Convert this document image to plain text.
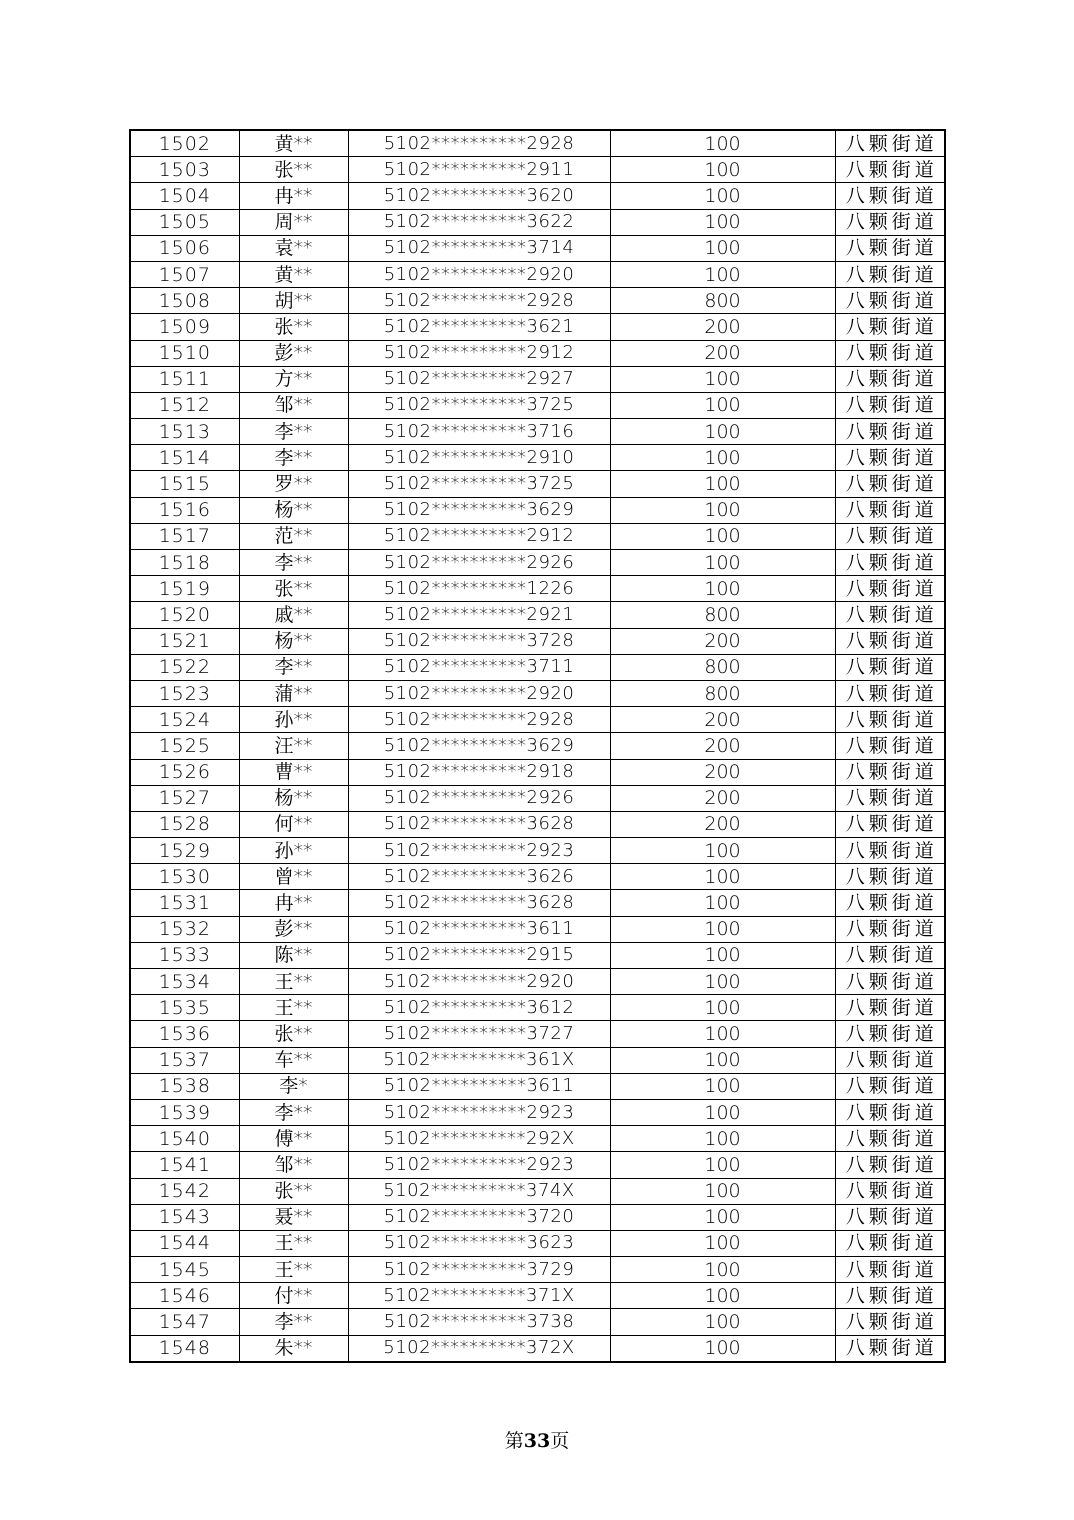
1502	黄**	5102**********2928	100	八颗街道
1503	张**	5102**********2911	100	八颗街道
1504	冉**	5102**********3620	100	八颗街道
1505	周**	5102**********3622	100	八颗街道
1506	袁**	5102**********3714	100	八颗街道
1507	黄**	5102**********2920	100	八颗街道
1508	胡**	5102**********2928	800	八颗街道
1509	张**	5102**********3621	200	八颗街道
1510	彭**	5102**********2912	200	八颗街道
1511	方**	5102**********2927	100	八颗街道
1512	邹**	5102**********3725	100	八颗街道
1513	李**	5102**********3716	100	八颗街道
1514	李**	5102**********2910	100	八颗街道
1515	罗**	5102**********3725	100	八颗街道
1516	杨**	5102**********3629	100	八颗街道
1517	范**	5102**********2912	100	八颗街道
1518	李**	5102**********2926	100	八颗街道
1519	张**	5102**********1226	100	八颗街道
1520	戚**	5102**********2921	800	八颗街道
1521	杨**	5102**********3728	200	八颗街道
1522	李**	5102**********3711	800	八颗街道
1523	蒲**	5102**********2920	800	八颗街道
1524	孙**	5102**********2928	200	八颗街道
1525	汪**	5102**********3629	200	八颗街道
1526	曹**	5102**********2918	200	八颗街道
1527	杨**	5102**********2926	200	八颗街道
1528	何**	5102**********3628	200	八颗街道
1529	孙**	5102**********2923	100	八颗街道
1530	曾**	5102**********3626	100	八颗街道
1531	冉**	5102**********3628	100	八颗街道
1532	彭**	5102**********3611	100	八颗街道
1533	陈**	5102**********2915	100	八颗街道
1534	王**	5102**********2920	100	八颗街道
1535	王**	5102**********3612	100	八颗街道
1536	张**	5102**********3727	100	八颗街道
1537	车**	5102**********361X	100	八颗街道
1538	李*	5102**********3611	100	八颗街道
1539	李**	5102**********2923	100	八颗街道
1540	傅**	5102**********292X	100	八颗街道
1541	邹**	5102**********2923	100	八颗街道
1542	张**	5102**********374X	100	八颗街道
1543	聂**	5102**********3720	100	八颗街道
1544	王**	5102**********3623	100	八颗街道
1545	王**	5102**********3729	100	八颗街道
1546	付**	5102**********371X	100	八颗街道
1547	李**	5102**********3738	100	八颗街道
1548	朱**	5102**********372X	100	八颗街道
第33页
